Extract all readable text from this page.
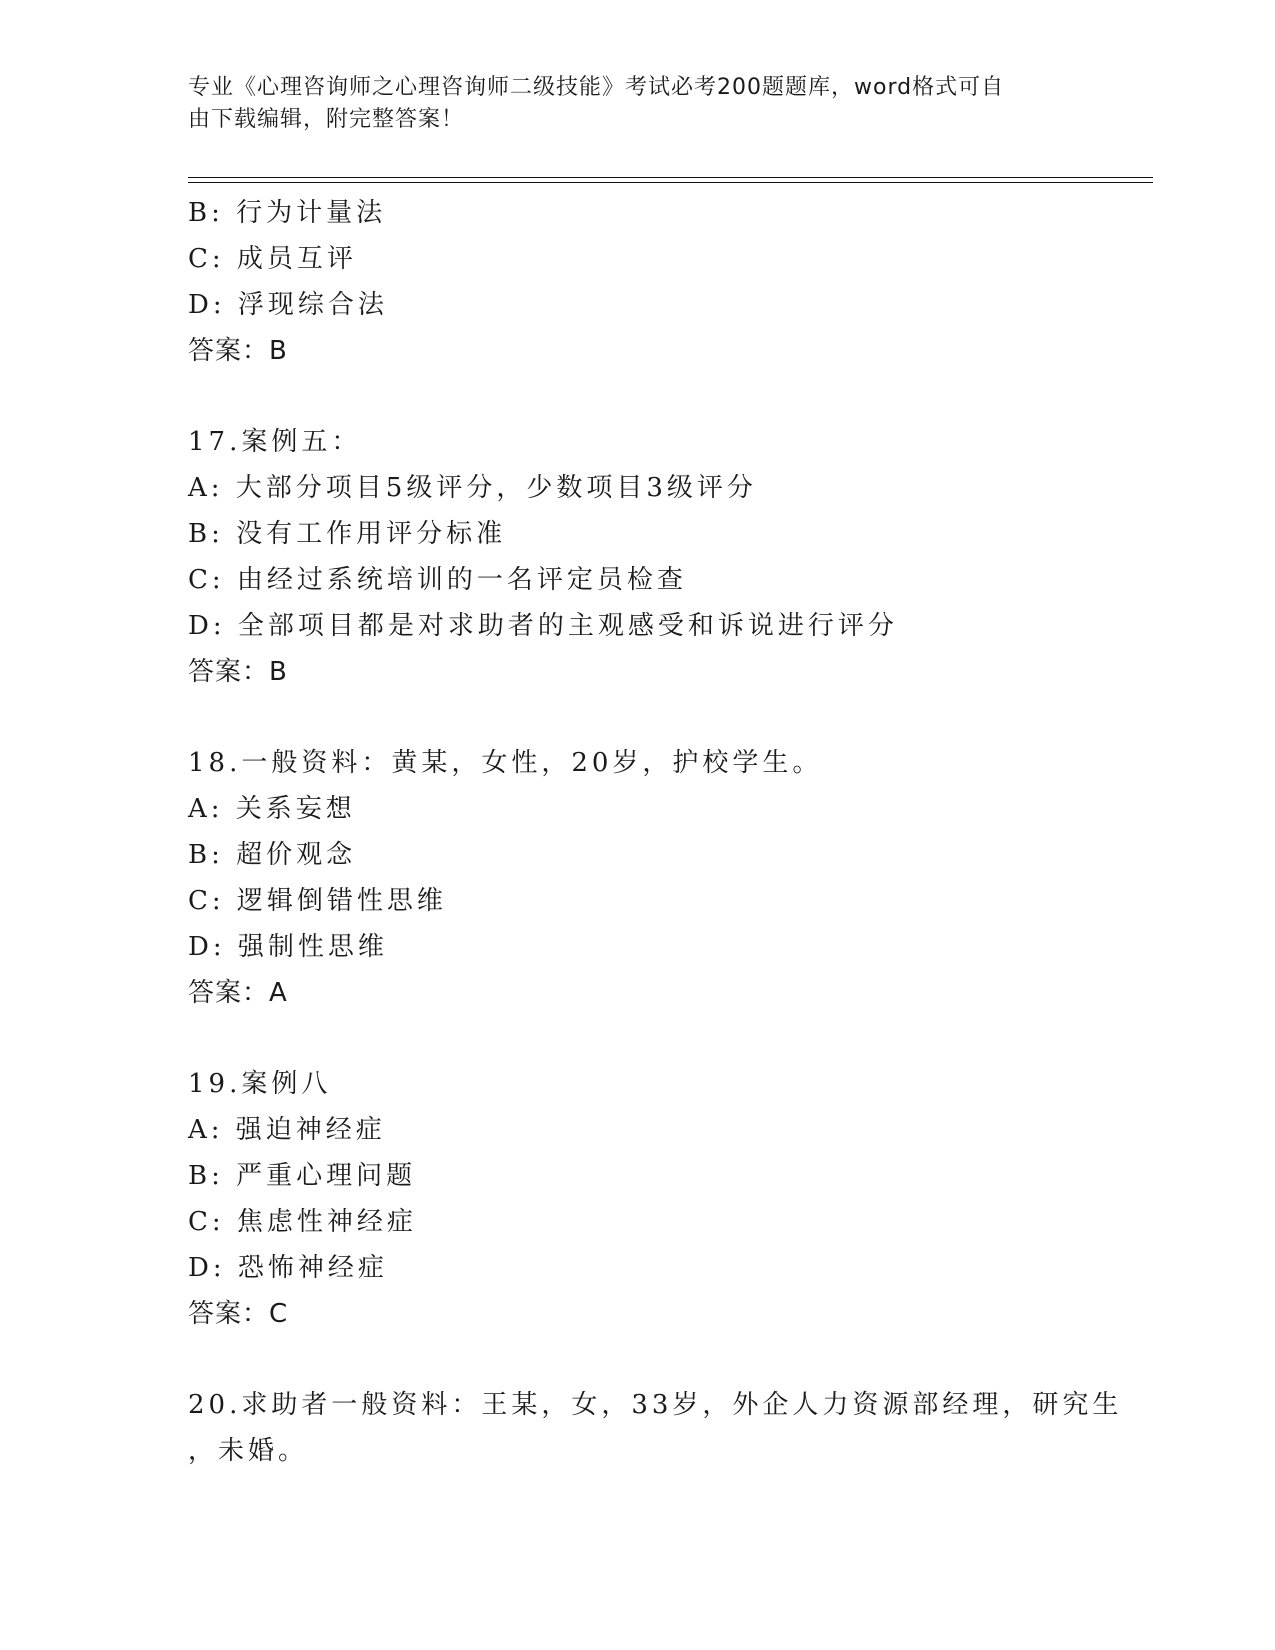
专业《心理咨询师之心理咨询师二级技能》考试必考200题题库，word格式可自
由下载编辑，附完整答案！
B: 行为计量法
C: 成员互评
D: 浮现综合法
答案：B
17.案例五：
A: 大部分项目5级评分，少数项目3级评分
B: 没有工作用评分标准
C: 由经过系统培训的一名评定员检查
D: 全部项目都是对求助者的主观感受和诉说进行评分
答案：B
18.一般资料：黄某，女性，20岁，护校学生。
A: 关系妄想
B: 超价观念
C: 逻辑倒错性思维
D: 强制性思维
答案：A
19.案例八
A: 强迫神经症
B: 严重心理问题
C: 焦虑性神经症
D: 恐怖神经症
答案：C
20.求助者一般资料：王某，女，33岁，外企人力资源部经理，研究生
，未婚。
